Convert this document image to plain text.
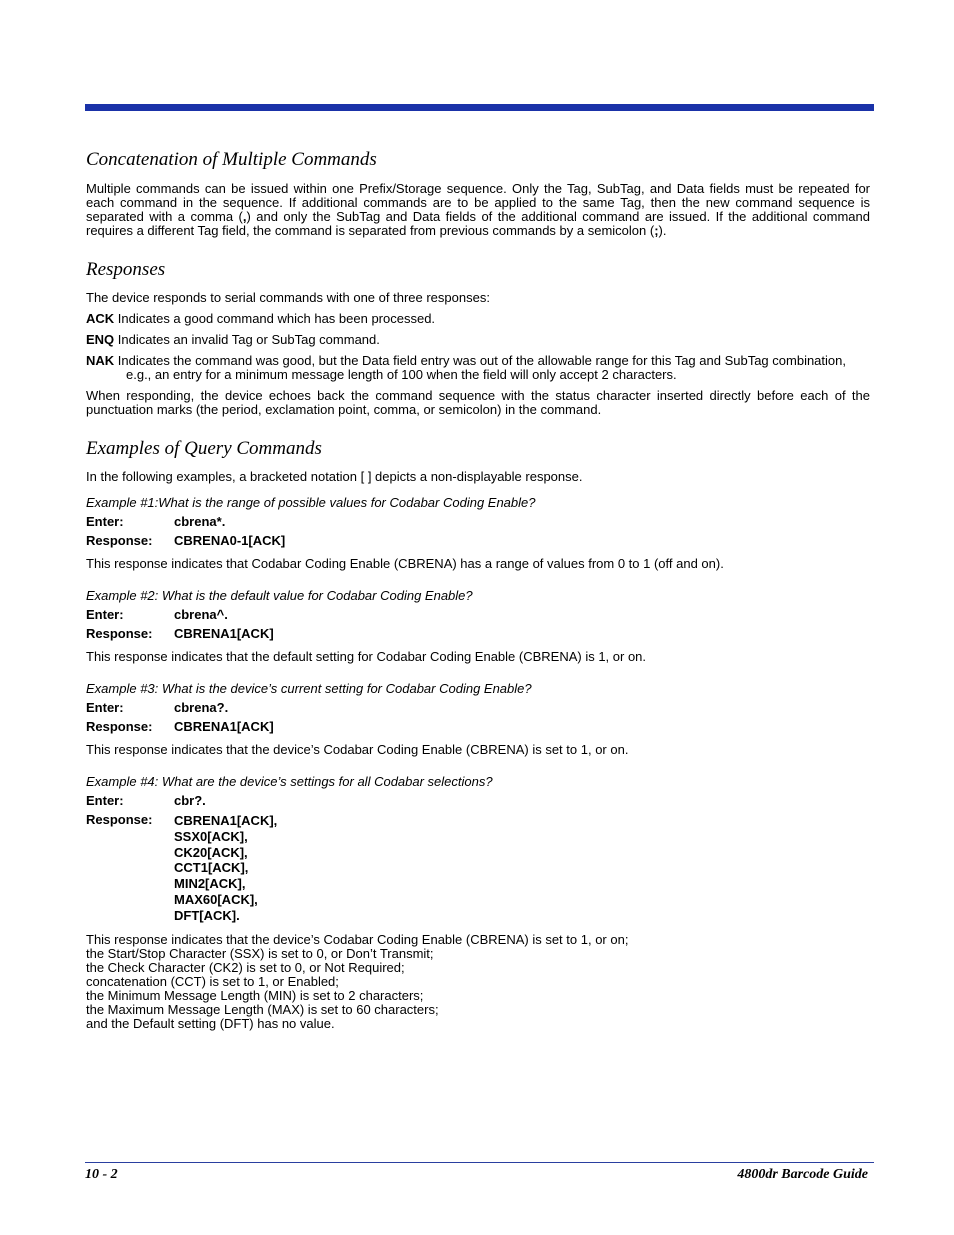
Concatenation of Multiple Commands

Multiple commands can be issued within one Prefix/Storage sequence. Only the Tag, SubTag, and Data fields must be repeated for each command in the sequence. If additional commands are to be applied to the same Tag, then the new command sequence is separated with a comma (,) and only the SubTag and Data fields of the additional command are issued. If the additional command requires a different Tag field, the command is separated from previous commands by a semicolon (;).

Responses

The device responds to serial commands with one of three responses:

ACK Indicates a good command which has been processed.

ENQ Indicates an invalid Tag or SubTag command.

NAK Indicates the command was good, but the Data field entry was out of the allowable range for this Tag and SubTag combination, e.g., an entry for a minimum message length of 100 when the field will only accept 2 characters.

When responding, the device echoes back the command sequence with the status character inserted directly before each of the punctuation marks (the period, exclamation point, comma, or semicolon) in the command.

Examples of Query Commands

In the following examples, a bracketed notation [ ] depicts a non-displayable response.

Example #1:What is the range of possible values for Codabar Coding Enable?

Enter:	cbrena*.
Response:	CBRENA0-1[ACK]

This response indicates that Codabar Coding Enable (CBRENA) has a range of values from 0 to 1 (off and on).

Example #2: What is the default value for Codabar Coding Enable?

Enter:	cbrena^.
Response:	CBRENA1[ACK]

This response indicates that the default setting for Codabar Coding Enable (CBRENA) is 1, or on.

Example #3: What is the device’s current setting for Codabar Coding Enable?

Enter:	cbrena?.
Response:	CBRENA1[ACK]

This response indicates that the device’s Codabar Coding Enable (CBRENA) is set to 1, or on.

Example #4: What are the device’s settings for all Codabar selections?

Enter:	cbr?.
Response:	CBRENA1[ACK],
SSX0[ACK],
CK20[ACK],
CCT1[ACK],
MIN2[ACK],
MAX60[ACK],
DFT[ACK].
This response indicates that the device’s Codabar Coding Enable (CBRENA) is set to 1, or on;
the Start/Stop Character (SSX) is set to 0, or Don’t Transmit;
the Check Character (CK2) is set to 0, or Not Required;
concatenation (CCT) is set to 1, or Enabled;
the Minimum Message Length (MIN) is set to 2 characters;
the Maximum Message Length (MAX) is set to 60 characters;
and the Default setting (DFT) has no value.
10 - 2	4800dr Barcode Guide
